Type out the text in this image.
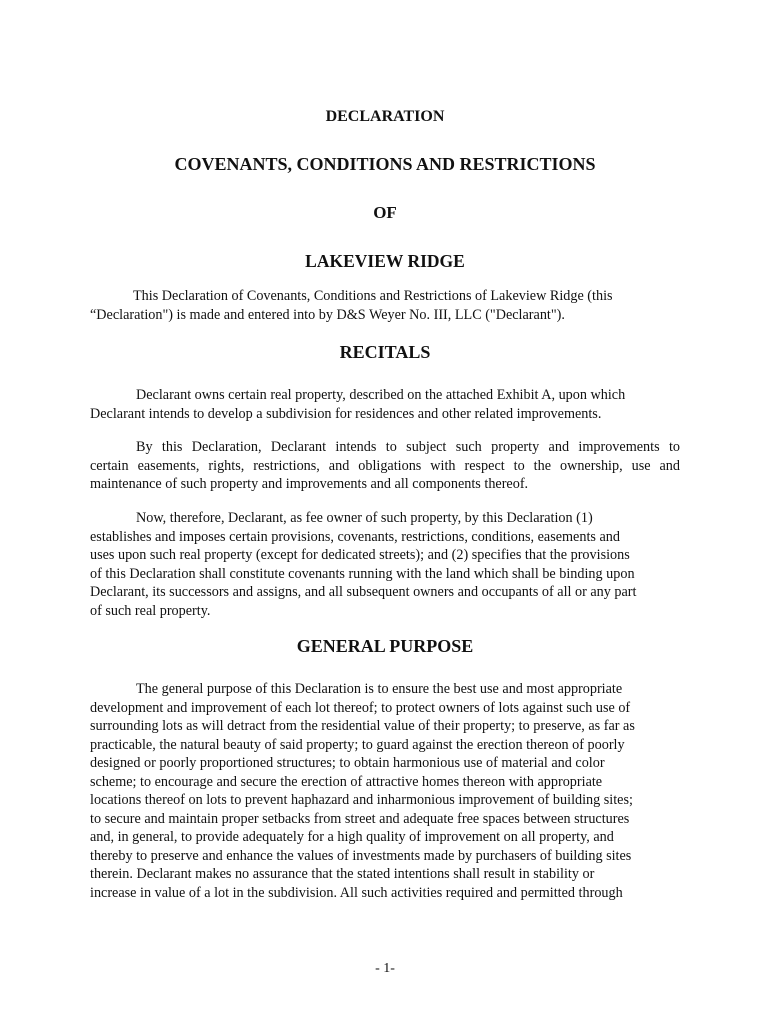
DECLARATION
COVENANTS, CONDITIONS AND RESTRICTIONS
OF
LAKEVIEW RIDGE

This Declaration of Covenants, Conditions and Restrictions of Lakeview Ridge (this
“Declaration") is made and entered into by D&S Weyer No. III, LLC ("Declarant").

RECITALS

Declarant owns certain real property, described on the attached Exhibit A, upon which
Declarant intends to develop a subdivision for residences and other related improvements.

By this Declaration, Declarant intends to subject such property and improvements to
certain easements, rights, restrictions, and obligations with respect to the ownership, use and
maintenance of such property and improvements and all components thereof.

Now, therefore, Declarant, as fee owner of such property, by this Declaration (1)
establishes and imposes certain provisions, covenants, restrictions, conditions, easements and
uses upon such real property (except for dedicated streets); and (2) specifies that the provisions
of this Declaration shall constitute covenants running with the land which shall be binding upon
Declarant, its successors and assigns, and all subsequent owners and occupants of all or any part
of such real property.

GENERAL PURPOSE

The general purpose of this Declaration is to ensure the best use and most appropriate
development and improvement of each lot thereof; to protect owners of lots against such use of
surrounding lots as will detract from the residential value of their property; to preserve, as far as
practicable, the natural beauty of said property; to guard against the erection thereon of poorly
designed or poorly proportioned structures; to obtain harmonious use of material and color
scheme; to encourage and secure the erection of attractive homes thereon with appropriate
locations thereof on lots to prevent haphazard and inharmonious improvement of building sites;
to secure and maintain proper setbacks from street and adequate free spaces between structures
and, in general, to provide adequately for a high quality of improvement on all property, and
thereby to preserve and enhance the values of investments made by purchasers of building sites
therein. Declarant makes no assurance that the stated intentions shall result in stability or
increase in value of a lot in the subdivision. All such activities required and permitted through

- 1-
